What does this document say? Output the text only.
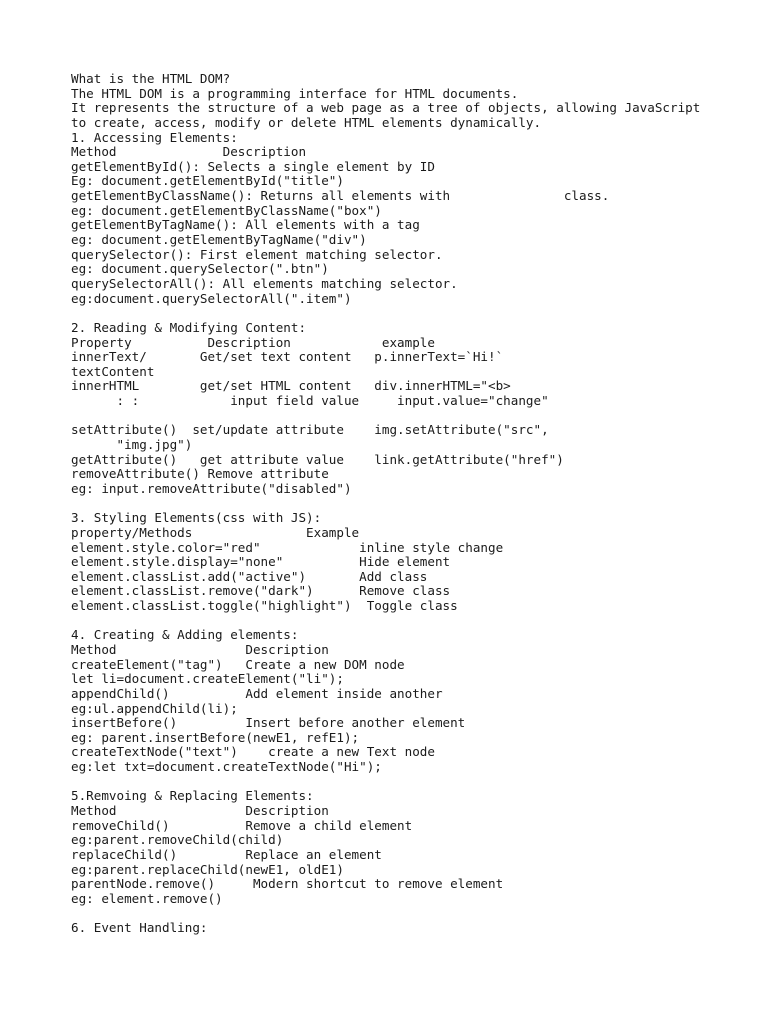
What is the HTML DOM?

The HTML DOM is a programming interface for HTML documents.

It represents the structure of a web page as a tree of objects, allowing JavaScript

to create, access, modify or delete HTML elements dynamically.

1. Accessing Elements:

Method              Description

getElementById(): Selects a single element by ID

Eg: document.getElementById("title")

getElementByClassName(): Returns all elements with               class.

eg: document.getElementByClassName("box")

getElementByTagName(): All elements with a tag

eg: document.getElementByTagName("div")

querySelector(): First element matching selector.

eg: document.querySelector(".btn")

querySelectorAll(): All elements matching selector.

eg:document.querySelectorAll(".item")

2. Reading & Modifying Content:

Property          Description            example

innerText/       Get/set text content   p.innerText=`Hi!`

textContent

innerHTML        get/set HTML content   div.innerHTML="<b>

: :            input field value     input.value="change"

setAttribute()  set/update attribute    img.setAttribute("src",

"img.jpg")

getAttribute()   get attribute value    link.getAttribute("href")

removeAttribute() Remove attribute

eg: input.removeAttribute("disabled")

3. Styling Elements(css with JS):

property/Methods               Example

element.style.color="red"             inline style change

element.style.display="none"          Hide element

element.classList.add("active")       Add class

element.classList.remove("dark")      Remove class

element.classList.toggle("highlight")  Toggle class

4. Creating & Adding elements:

Method                 Description

createElement("tag")   Create a new DOM node

let li=document.createElement("li");

appendChild()          Add element inside another

eg:ul.appendChild(li);

insertBefore()         Insert before another element

eg: parent.insertBefore(newE1, refE1);

createTextNode("text")    create a new Text node

eg:let txt=document.createTextNode("Hi");

5.Remvoing & Replacing Elements:

Method                 Description

removeChild()          Remove a child element

eg:parent.removeChild(child)

replaceChild()         Replace an element

eg:parent.replaceChild(newE1, oldE1)

parentNode.remove()     Modern shortcut to remove element

eg: element.remove()

6. Event Handling:
